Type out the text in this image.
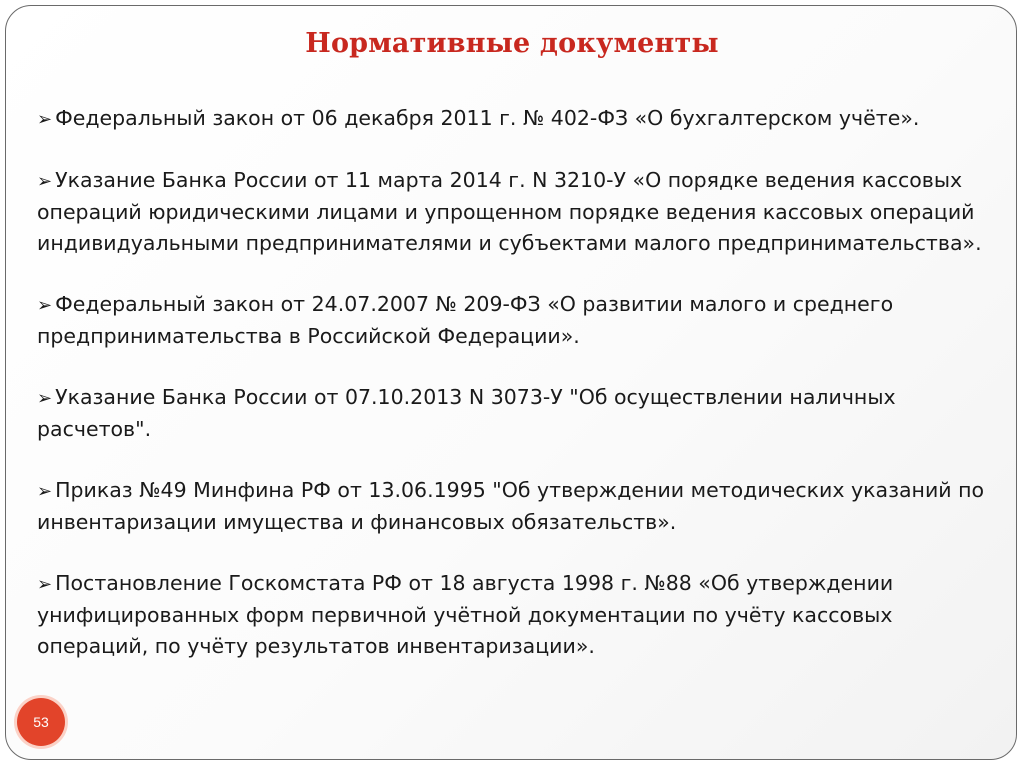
Нормативные документы
➢ Федеральный закон от 06 декабря 2011 г. № 402-ФЗ «О бухгалтерском учёте».
➢ Указание Банка России от 11 марта 2014 г. N 3210-У «О порядке ведения кассовых операций юридическими лицами и упрощенном порядке ведения кассовых операций индивидуальными предпринимателями и субъектами малого предпринимательства».
➢ Федеральный закон от 24.07.2007 № 209-ФЗ «О развитии малого и среднего предпринимательства в Российской Федерации».
➢ Указание Банка России от 07.10.2013 N 3073-У "Об осуществлении наличных расчетов".
➢ Приказ №49 Минфина РФ от 13.06.1995 "Об утверждении методических указаний по инвентаризации имущества и финансовых обязательств».
➢ Постановление Госкомстата РФ от 18 августа 1998 г. №88 «Об утверждении унифицированных форм первичной учётной документации по учёту кассовых операций, по учёту результатов инвентаризации».
53
